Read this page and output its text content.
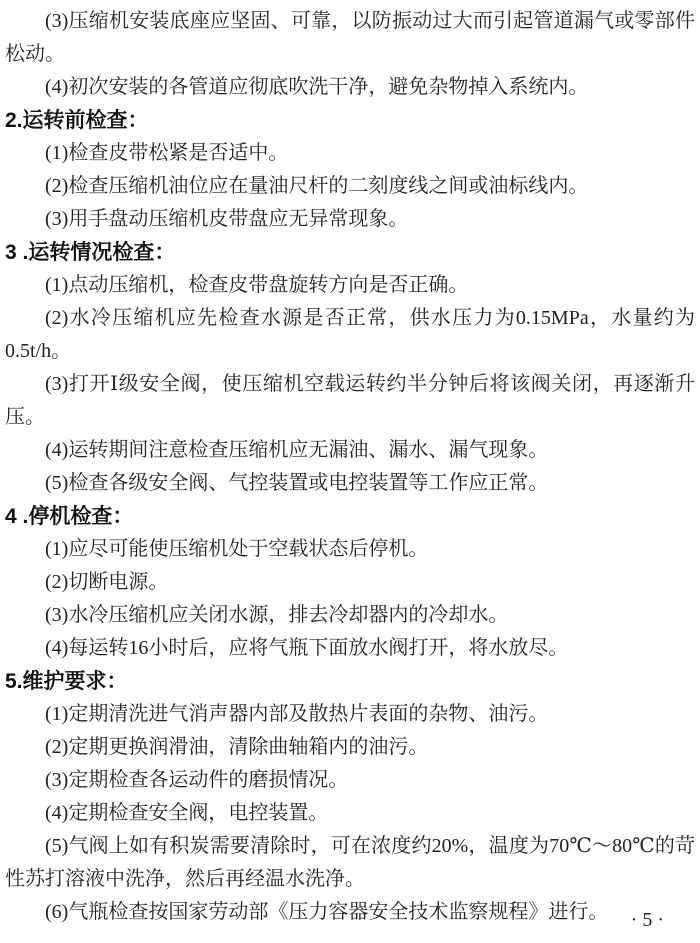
(3)压缩机安装底座应坚固、可靠，以防振动过大而引起管道漏气或零部件松动。
(4)初次安装的各管道应彻底吹洗干净，避免杂物掉入系统内。
2.运转前检查：
(1)检查皮带松紧是否适中。
(2)检查压缩机油位应在量油尺杆的二刻度线之间或油标线内。
(3)用手盘动压缩机皮带盘应无异常现象。
3 .运转情况检查：
(1)点动压缩机，检查皮带盘旋转方向是否正确。
(2)水冷压缩机应先检查水源是否正常，供水压力为0.15MPa，水量约为0.5t/h。
(3)打开Ⅰ级安全阀，使压缩机空载运转约半分钟后将该阀关闭，再逐渐升压。
(4)运转期间注意检查压缩机应无漏油、漏水、漏气现象。
(5)检查各级安全阀、气控装置或电控装置等工作应正常。
4 .停机检查：
(1)应尽可能使压缩机处于空载状态后停机。
(2)切断电源。
(3)水冷压缩机应关闭水源，排去冷却器内的冷却水。
(4)每运转16小时后，应将气瓶下面放水阀打开，将水放尽。
5.维护要求：
(1)定期清洗进气消声器内部及散热片表面的杂物、油污。
(2)定期更换润滑油，清除曲轴箱内的油污。
(3)定期检查各运动件的磨损情况。
(4)定期检查安全阀，电控装置。
(5)气阀上如有积炭需要清除时，可在浓度约20%，温度为70℃～80℃的苛性苏打溶液中洗净，然后再经温水洗净。
(6)气瓶检查按国家劳动部《压力容器安全技术监察规程》进行。	· 5 ·
